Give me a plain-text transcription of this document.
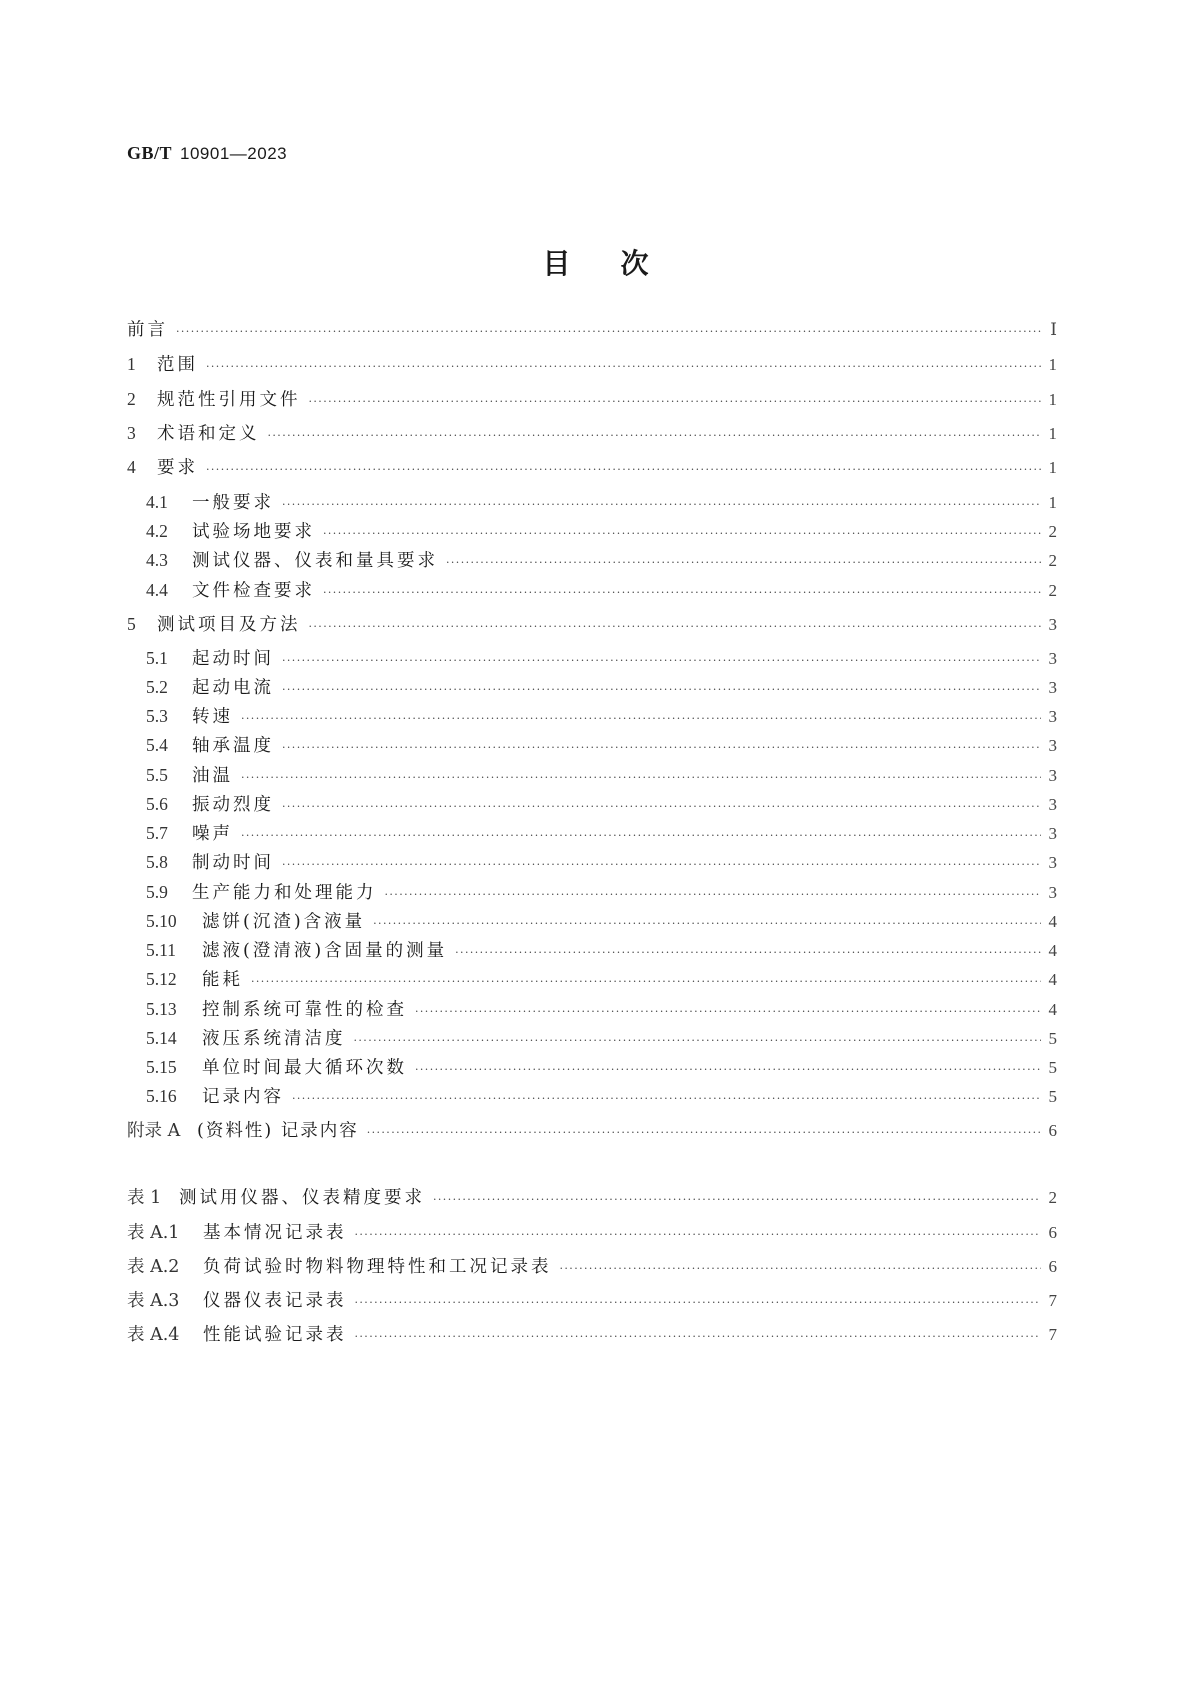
GB/T 10901—2023
目次
前言 ·····	Ⅰ
1	范围 ·····	1
2	规范性引用文件 ·····	1
3	术语和定义 ·····	1
4	要求 ·····	1
4.1	一般要求 ·····	1
4.2	试验场地要求 ·····	2
4.3	测试仪器、仪表和量具要求 ·····	2
4.4	文件检查要求 ·····	2
5	测试项目及方法 ·····	3
5.1	起动时间 ·····	3
5.2	起动电流 ·····	3
5.3	转速 ·····	3
5.4	轴承温度 ·····	3
5.5	油温 ·····	3
5.6	振动烈度 ·····	3
5.7	噪声 ·····	3
5.8	制动时间 ·····	3
5.9	生产能力和处理能力 ·····	3
5.10	滤饼(沉渣)含液量 ·····	4
5.11	滤液(澄清液)含固量的测量 ·····	4
5.12	能耗 ·····	4
5.13	控制系统可靠性的检查 ·····	4
5.14	液压系统清洁度 ·····	5
5.15	单位时间最大循环次数 ·····	5
5.16	记录内容 ·····	5
附录 A (资料性) 记录内容 ·····	6
表 1	测试用仪器、仪表精度要求 ·····	2
表 A.1	基本情况记录表 ·····	6
表 A.2	负荷试验时物料物理特性和工况记录表 ·····	6
表 A.3	仪器仪表记录表 ·····	7
表 A.4	性能试验记录表 ·····	7
